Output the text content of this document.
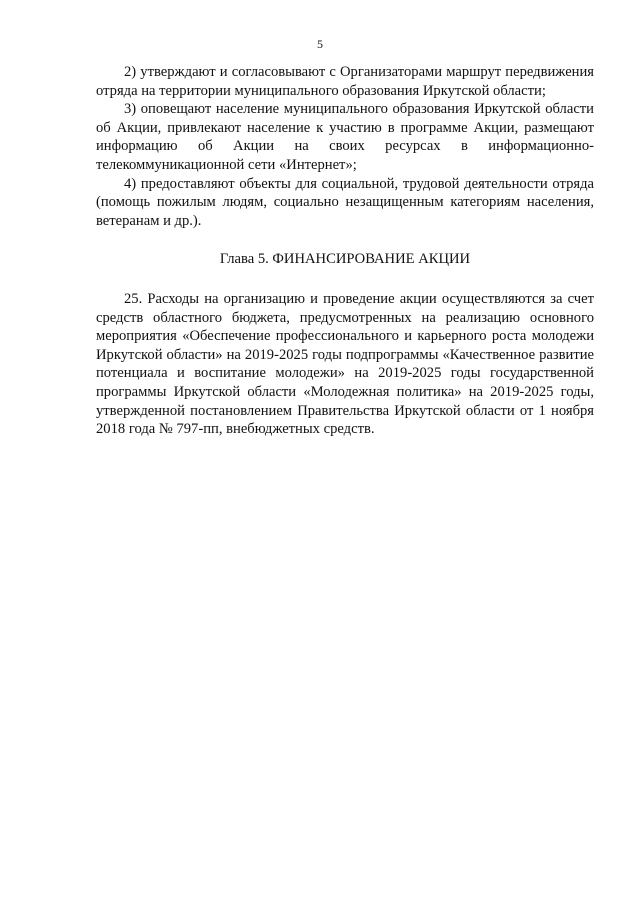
5

2) утверждают и согласовывают с Организаторами маршрут передвижения отряда на территории муниципального образования Иркутской области;

3) оповещают население муниципального образования Иркутской области об Акции, привлекают население к участию в программе Акции, размещают информацию об Акции на своих ресурсах в информационно-телекоммуникационной сети «Интернет»;

4) предоставляют объекты для социальной, трудовой деятельности отряда (помощь пожилым людям, социально незащищенным категориям населения, ветеранам и др.).

Глава 5. ФИНАНСИРОВАНИЕ АКЦИИ

25. Расходы на организацию и проведение акции осуществляются за счет средств областного бюджета, предусмотренных на реализацию основного мероприятия «Обеспечение профессионального и карьерного роста молодежи Иркутской области» на 2019-2025 годы подпрограммы «Качественное развитие потенциала и воспитание молодежи» на 2019-2025 годы государственной программы Иркутской области «Молодежная политика» на 2019-2025 годы, утвержденной постановлением Правительства Иркутской области от 1 ноября 2018 года № 797-пп, внебюджетных средств.
